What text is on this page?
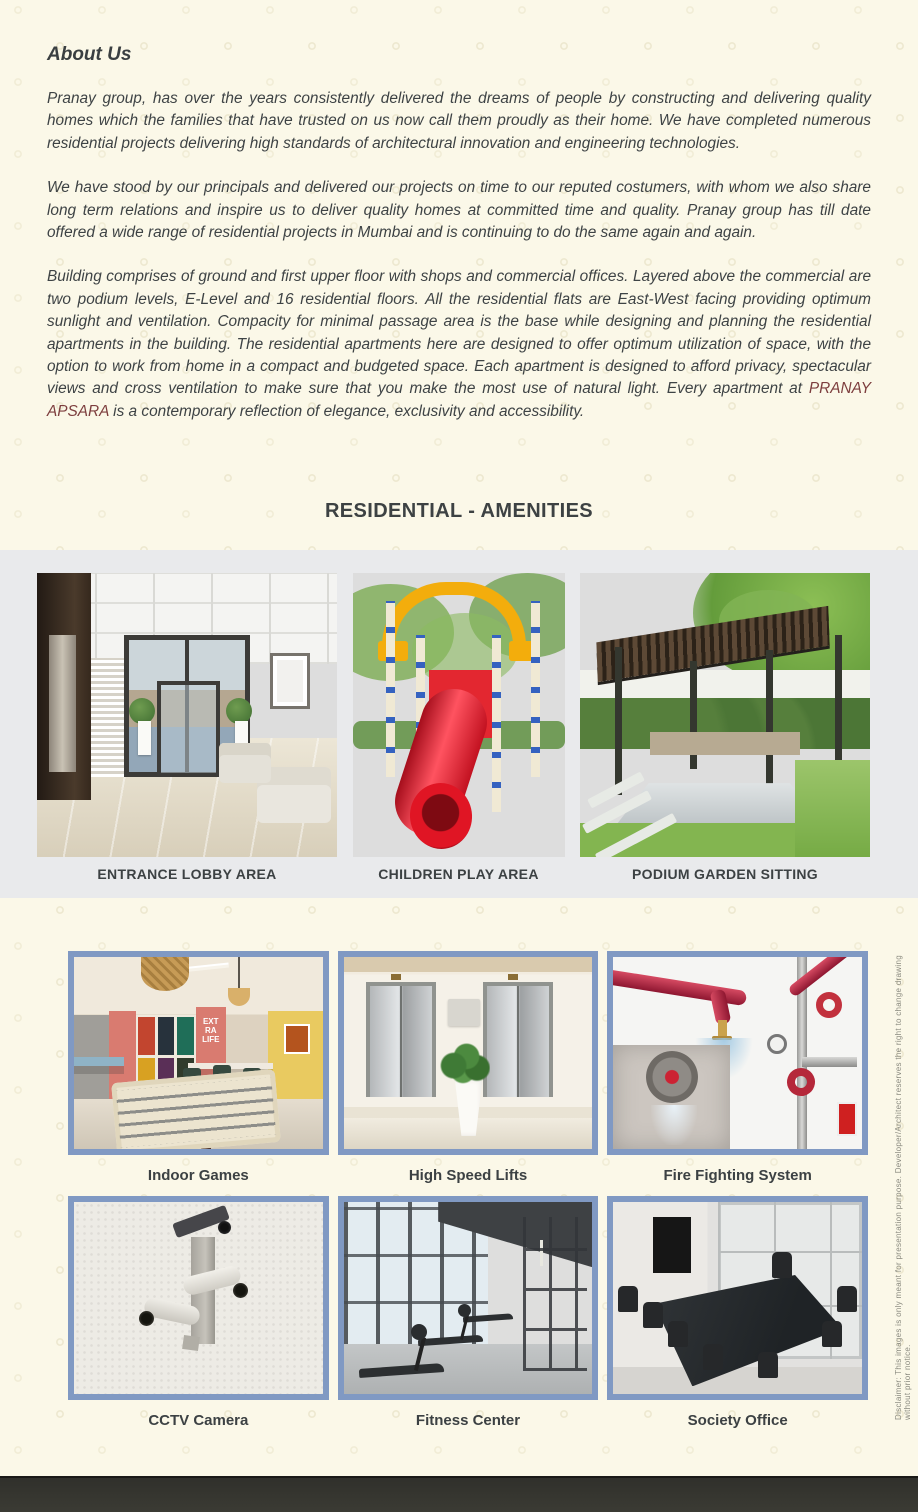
About Us

Pranay group, has over the years consistently delivered the dreams of people by constructing and delivering quality homes which the families that have trusted on us now call them proudly as their home. We have completed numerous residential projects delivering high standards of architectural innovation and engineering technologies.

We have stood by our principals and delivered our projects on time to our reputed costumers, with whom we also share long term relations and inspire us to deliver quality homes at committed time and quality. Pranay group has till date offered a wide range of residential projects in Mumbai and is continuing to do the same again and again.

Building comprises of ground and first upper floor with shops and commercial offices. Layered above the commercial are two podium levels, E-Level and 16 residential floors. All the residential flats are East-West facing providing optimum sunlight and ventilation. Compacity for minimal passage area is the base while designing and planning the residential apartments in the building. The residential apartments here are designed to offer optimum utilization of space, with the option to work from home in a compact and budgeted space. Each apartment is designed to afford privacy, spectacular views and cross ventilation to make sure that you make the most use of natural light. Every apartment at PRANAY APSARA is a contemporary reflection of elegance, exclusivity and accessibility.

RESIDENTIAL - AMENITIES
ENTRANCE LOBBY AREA	CHILDREN PLAY AREA	PODIUM GARDEN SITTING
EXT
RA
LIFE
Indoor Games	High Speed Lifts	Fire Fighting System
CCTV Camera	Fitness Center	Society Office
Disclaimer: This images is only meant for presentation purpose. Developer/Architect reserves the right to change drawing without prior notice.
